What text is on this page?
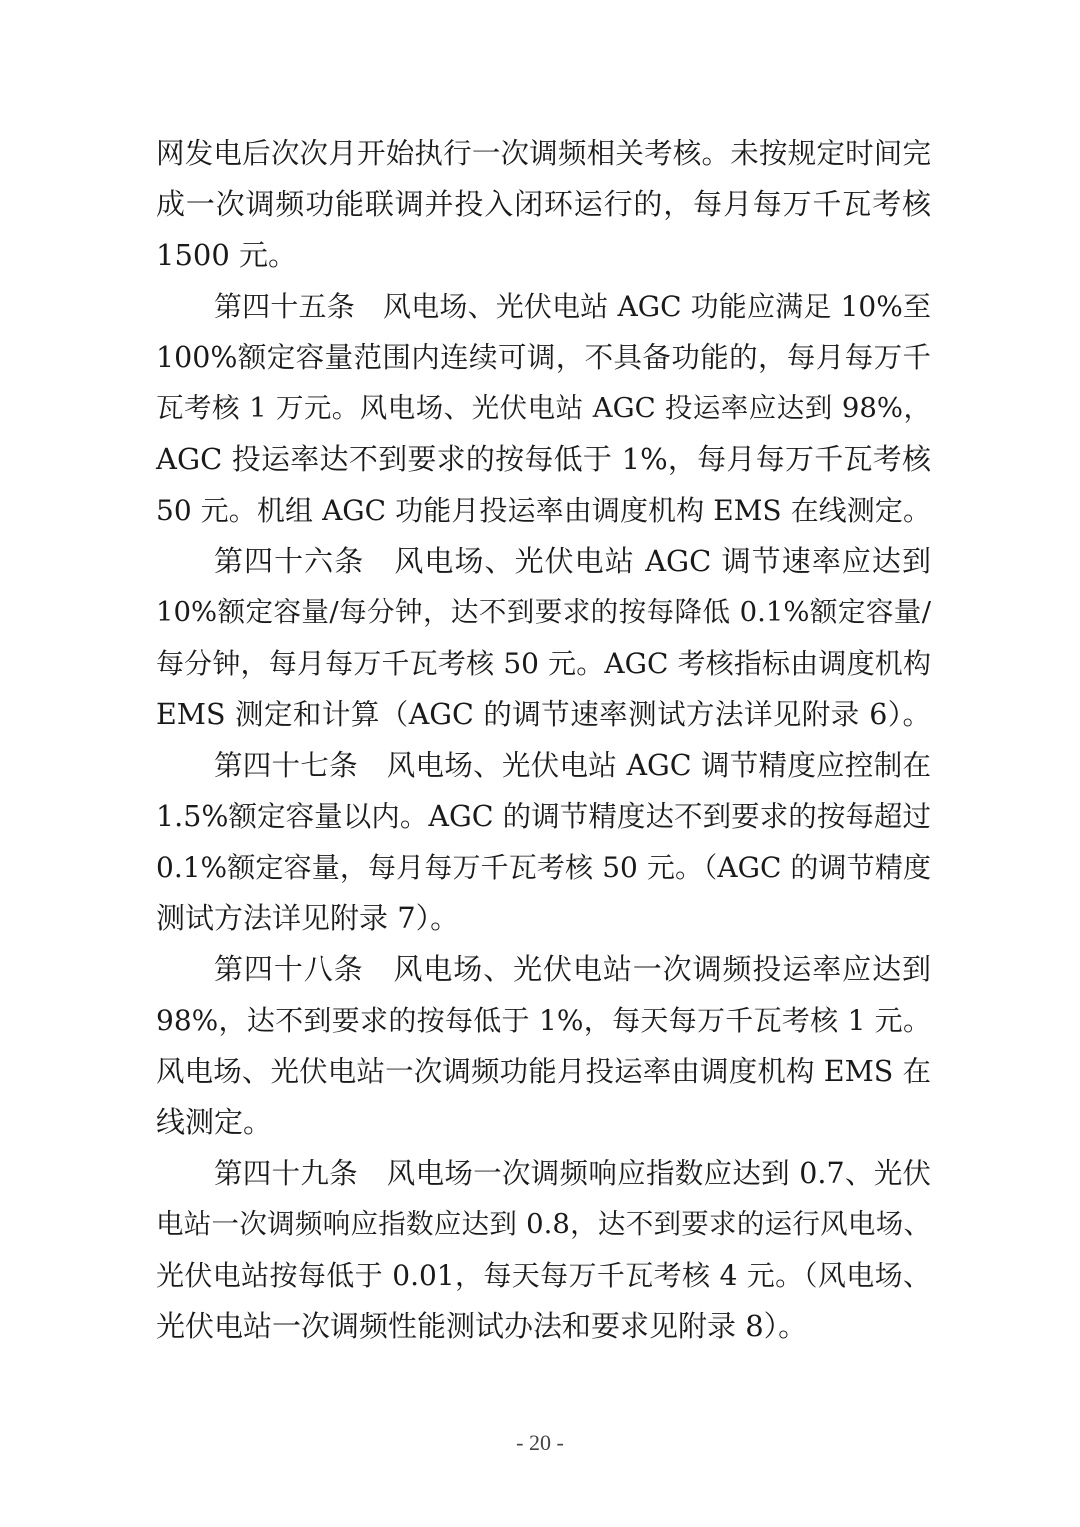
网发电后次次月开始执行一次调频相关考核。未按规定时间完
成一次调频功能联调并投入闭环运行的，每月每万千瓦考核
1500 元。
第四十五条　风电场、光伏电站 AGC 功能应满足 10%至
100%额定容量范围内连续可调，不具备功能的，每月每万千
瓦考核 1 万元。风电场、光伏电站 AGC 投运率应达到 98%，
AGC 投运率达不到要求的按每低于 1%，每月每万千瓦考核
50 元。机组 AGC 功能月投运率由调度机构 EMS 在线测定。
第四十六条　风电场、光伏电站 AGC 调节速率应达到
10%额定容量/每分钟，达不到要求的按每降低 0.1%额定容量/
每分钟，每月每万千瓦考核 50 元。AGC 考核指标由调度机构
EMS 测定和计算（AGC 的调节速率测试方法详见附录 6）。
第四十七条　风电场、光伏电站 AGC 调节精度应控制在
1.5%额定容量以内。AGC 的调节精度达不到要求的按每超过
0.1%额定容量，每月每万千瓦考核 50 元。（AGC 的调节精度
测试方法详见附录 7）。
第四十八条　风电场、光伏电站一次调频投运率应达到
98%，达不到要求的按每低于 1%，每天每万千瓦考核 1 元。
风电场、光伏电站一次调频功能月投运率由调度机构 EMS 在
线测定。
第四十九条　风电场一次调频响应指数应达到 0.7、光伏
电站一次调频响应指数应达到 0.8，达不到要求的运行风电场、
光伏电站按每低于 0.01，每天每万千瓦考核 4 元。（风电场、
光伏电站一次调频性能测试办法和要求见附录 8）。
- 20 -
